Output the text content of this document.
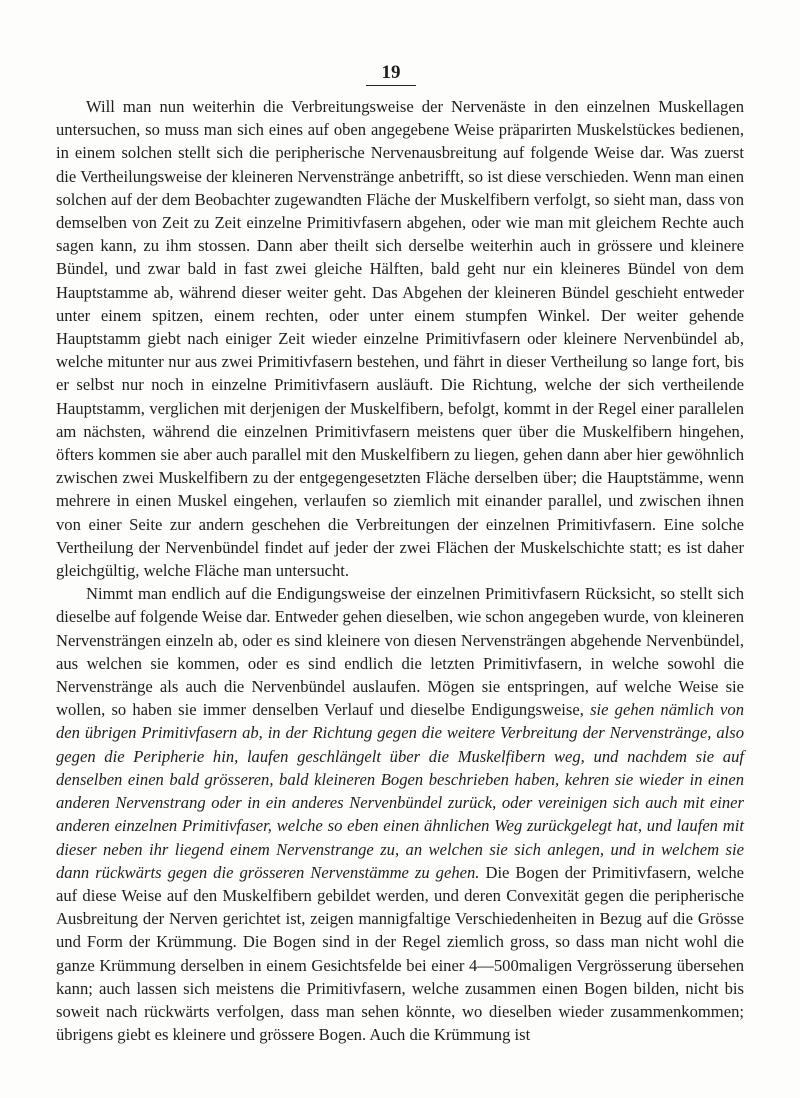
19

Will man nun weiterhin die Verbreitungsweise der Nervenäste in den einzelnen Muskellagen untersuchen, so muss man sich eines auf oben angegebene Weise präparirten Muskelstückes bedienen, in einem solchen stellt sich die peripherische Nervenausbreitung auf folgende Weise dar. Was zuerst die Vertheilungsweise der kleineren Nervenstränge anbetrifft, so ist diese verschieden. Wenn man einen solchen auf der dem Beobachter zugewandten Fläche der Muskelfibern verfolgt, so sieht man, dass von demselben von Zeit zu Zeit einzelne Primitivfasern abgehen, oder wie man mit gleichem Rechte auch sagen kann, zu ihm stossen. Dann aber theilt sich derselbe weiterhin auch in grössere und kleinere Bündel, und zwar bald in fast zwei gleiche Hälften, bald geht nur ein kleineres Bündel von dem Hauptstamme ab, während dieser weiter geht. Das Abgehen der kleineren Bündel geschieht entweder unter einem spitzen, einem rechten, oder unter einem stumpfen Winkel. Der weiter gehende Hauptstamm giebt nach einiger Zeit wieder einzelne Primitivfasern oder kleinere Nervenbündel ab, welche mitunter nur aus zwei Primitivfasern bestehen, und fährt in dieser Vertheilung so lange fort, bis er selbst nur noch in einzelne Primitivfasern ausläuft. Die Richtung, welche der sich vertheilende Hauptstamm, verglichen mit derjenigen der Muskelfibern, befolgt, kommt in der Regel einer parallelen am nächsten, während die einzelnen Primitivfasern meistens quer über die Muskelfibern hingehen, öfters kommen sie aber auch parallel mit den Muskelfibern zu liegen, gehen dann aber hier gewöhnlich zwischen zwei Muskelfibern zu der entgegengesetzten Fläche derselben über; die Hauptstämme, wenn mehrere in einen Muskel eingehen, verlaufen so ziemlich mit einander parallel, und zwischen ihnen von einer Seite zur andern geschehen die Verbreitungen der einzelnen Primitivfasern. Eine solche Vertheilung der Nervenbündel findet auf jeder der zwei Flächen der Muskelschichte statt; es ist daher gleichgültig, welche Fläche man untersucht.

Nimmt man endlich auf die Endigungsweise der einzelnen Primitivfasern Rücksicht, so stellt sich dieselbe auf folgende Weise dar. Entweder gehen dieselben, wie schon angegeben wurde, von kleineren Nervensträngen einzeln ab, oder es sind kleinere von diesen Nervensträngen abgehende Nervenbündel, aus welchen sie kommen, oder es sind endlich die letzten Primitivfasern, in welche sowohl die Nervenstränge als auch die Nervenbündel auslaufen. Mögen sie entspringen, auf welche Weise sie wollen, so haben sie immer denselben Verlauf und dieselbe Endigungsweise, sie gehen nämlich von den übrigen Primitivfasern ab, in der Richtung gegen die weitere Verbreitung der Nervenstränge, also gegen die Peripherie hin, laufen geschlängelt über die Muskelfibern weg, und nachdem sie auf denselben einen bald grösseren, bald kleineren Bogen beschrieben haben, kehren sie wieder in einen anderen Nervenstrang oder in ein anderes Nervenbündel zurück, oder vereinigen sich auch mit einer anderen einzelnen Primitivfaser, welche so eben einen ähnlichen Weg zurückgelegt hat, und laufen mit dieser neben ihr liegend einem Nervenstrange zu, an welchen sie sich anlegen, und in welchem sie dann rückwärts gegen die grösseren Nervenstämme zu gehen. Die Bogen der Primitivfasern, welche auf diese Weise auf den Muskelfibern gebildet werden, und deren Convexität gegen die peripherische Ausbreitung der Nerven gerichtet ist, zeigen mannigfaltige Verschiedenheiten in Bezug auf die Grösse und Form der Krümmung. Die Bogen sind in der Regel ziemlich gross, so dass man nicht wohl die ganze Krümmung derselben in einem Gesichtsfelde bei einer 4—500maligen Vergrösserung übersehen kann; auch lassen sich meistens die Primitivfasern, welche zusammen einen Bogen bilden, nicht bis soweit nach rückwärts verfolgen, dass man sehen könnte, wo dieselben wieder zusammenkommen; übrigens giebt es kleinere und grössere Bogen. Auch die Krümmung ist
